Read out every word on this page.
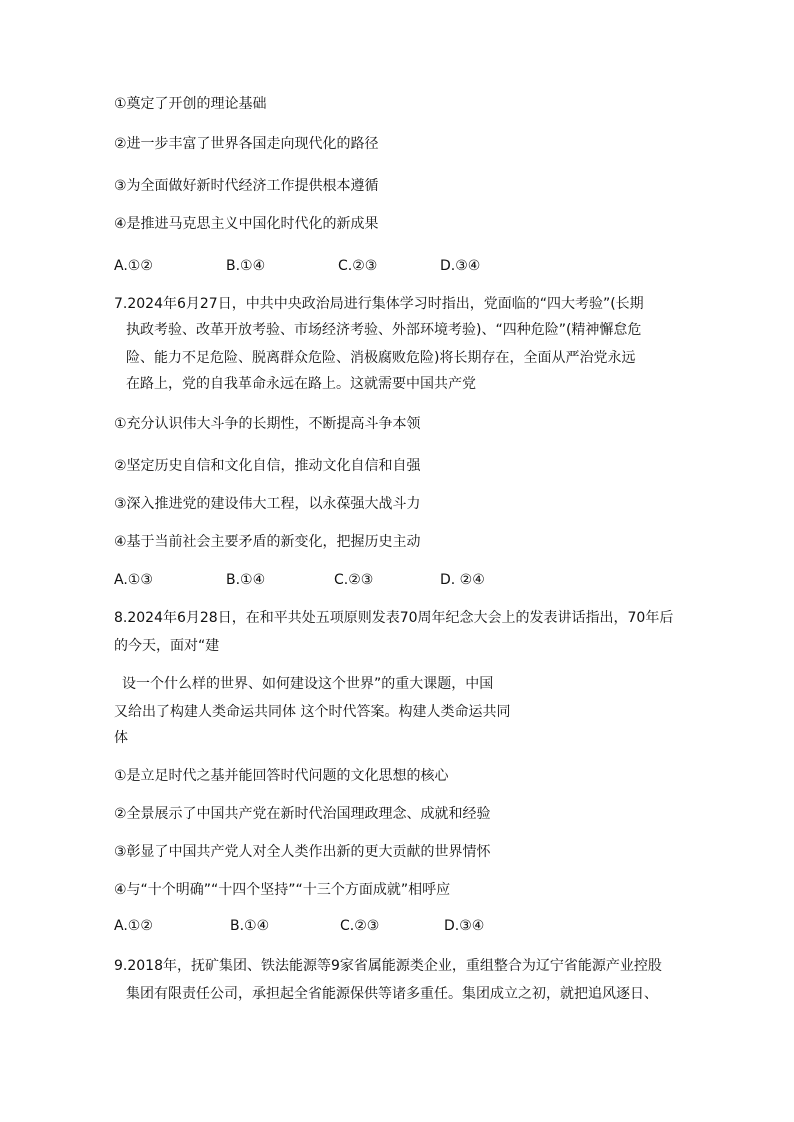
①奠定了开创的理论基础
②进一步丰富了世界各国走向现代化的路径
③为全面做好新时代经济工作提供根本遵循
④是推进马克思主义中国化时代化的新成果
A.①②	B.①④	C.②③	D.③④
7.2024年6月27日，中共中央政治局进行集体学习时指出，党面临的“四大考验”(长期
执政考验、改革开放考验、市场经济考验、外部环境考验)、“四种危险”(精神懈怠危
险、能力不足危险、脱离群众危险、消极腐败危险)将长期存在，全面从严治党永远
在路上，党的自我革命永远在路上。这就需要中国共产党
①充分认识伟大斗争的长期性，不断提高斗争本领
②坚定历史自信和文化自信，推动文化自信和自强
③深入推进党的建设伟大工程，以永葆强大战斗力
④基于当前社会主要矛盾的新变化，把握历史主动
A.①③	B.①④	C.②③	D. ②④
8.2024年6月28日，在和平共处五项原则发表70周年纪念大会上的发表讲话指出，70年后
的今天，面对“建
设一个什么样的世界、如何建设这个世界”的重大课题，中国
又给出了构建人类命运共同体 这个时代答案。构建人类命运共同
体
①是立足时代之基并能回答时代问题的文化思想的核心
②全景展示了中国共产党在新时代治国理政理念、成就和经验
③彰显了中国共产党人对全人类作出新的更大贡献的世界情怀
④与“十个明确”“十四个坚持”“十三个方面成就”相呼应
A.①②	B.①④	C.②③	D.③④
9.2018年，抚矿集团、铁法能源等9家省属能源类企业，重组整合为辽宁省能源产业控股
集团有限责任公司，承担起全省能源保供等诸多重任。集团成立之初，就把追风逐日、
